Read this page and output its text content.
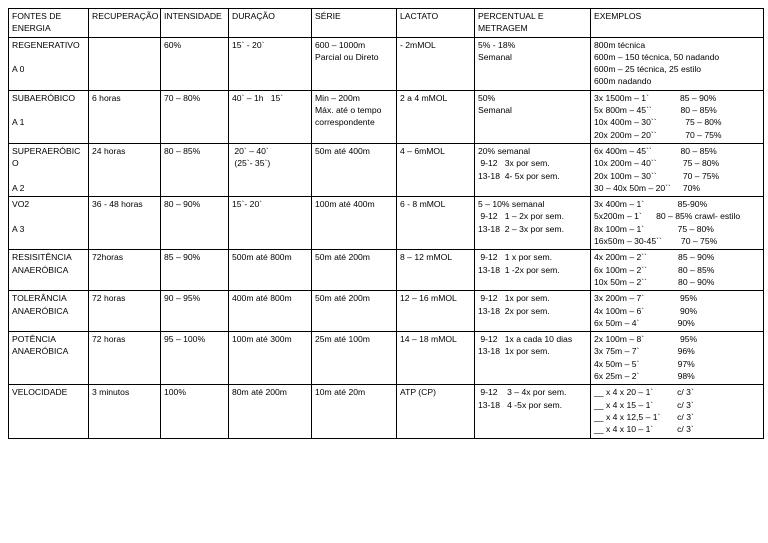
FONTES DE ENERGIA	RECUPERAÇÃO	INTENSIDADE	DURAÇÃO	SÉRIE	LACTATO	PERCENTUAL E METRAGEM	EXEMPLOS

REGENERATIVO
A 0		60%	15` - 20`	600 – 1000m
Parcial ou Direto	- 2mMOL	5% - 18%
Semanal	800m técnica
600m – 150 técnica, 50 nadando
600m – 25 técnica, 25 estilo
600m nadando

SUBAERÓBICO
A 1	6 horas	70 – 80%	40` – 1h   15`	Min – 200m
Máx. até o tempo
correspondente	2 a 4 mMOL	50%
Semanal	3x 1500m – 1`             85 – 90%
5x 800m – 45``            80 – 85%
10x 400m – 30``            75 – 80%
20x 200m – 20``            70 – 75%

SUPERAERÓBIC
O
A 2	24 horas	80 – 85%	20` – 40`
(25`- 35`)	50m até 400m	4 – 6mMOL	20% semanal
9-12   3x por sem.
13-18  4- 5x por sem.	6x 400m – 45``            80 – 85%
10x 200m – 40``           75 – 80%
20x 100m – 30``           70 – 75%
30 – 40x 50m – 20``     70%

VO2
A 3	36 - 48 horas	80 – 90%	15`- 20`	100m até 400m	6 - 8 mMOL	5 – 10% semanal
9-12   1 – 2x por sem.
13-18  2 – 3x por sem.	3x 400m – 1`              85-90%
5x200m – 1`      80 – 85% crawl- estilo
8x 100m – 1`              75 – 80%
16x50m – 30-45``        70 – 75%

RESISITÊNCIA
ANAERÓBICA	72horas	85 – 90%	500m até 800m	50m até 200m	8 – 12 mMOL	9-12   1 x por sem.
13-18  1 -2x por sem.	4x 200m – 2``             85 – 90%
6x 100m – 2``             80 – 85%
10x 50m – 2``             80 – 90%

TOLERÂNCIA
ANAERÓBICA	72 horas	90 – 95%	400m até 800m	50m até 200m	12 – 16 mMOL	9-12   1x por sem.
13-18  2x por sem.	3x 200m – 7`               95%
4x 100m – 6`               90%
6x 50m – 4`                90%

POTÊNCIA
ANAERÓBICA	72 horas	95 – 100%	100m até 300m	25m até 100m	14 – 18 mMOL	9-12   1x a cada 10 dias
13-18  1x por sem.	2x 100m – 8`               95%
3x 75m – 7`                96%
4x 50m – 5`                97%
6x 25m – 2`                98%

VELOCIDADE	3 minutos	100%	80m até 200m	10m até 20m	ATP (CP)	9-12    3 – 4x por sem.
13-18   4 -5x por sem.	__ x 4 x 20 – 1`          c/ 3`
__ x 4 x 15 – 1`          c/ 3`
__ x 4 x 12,5 – 1`       c/ 3`
__ x 4 x 10 – 1`          c/ 3`
